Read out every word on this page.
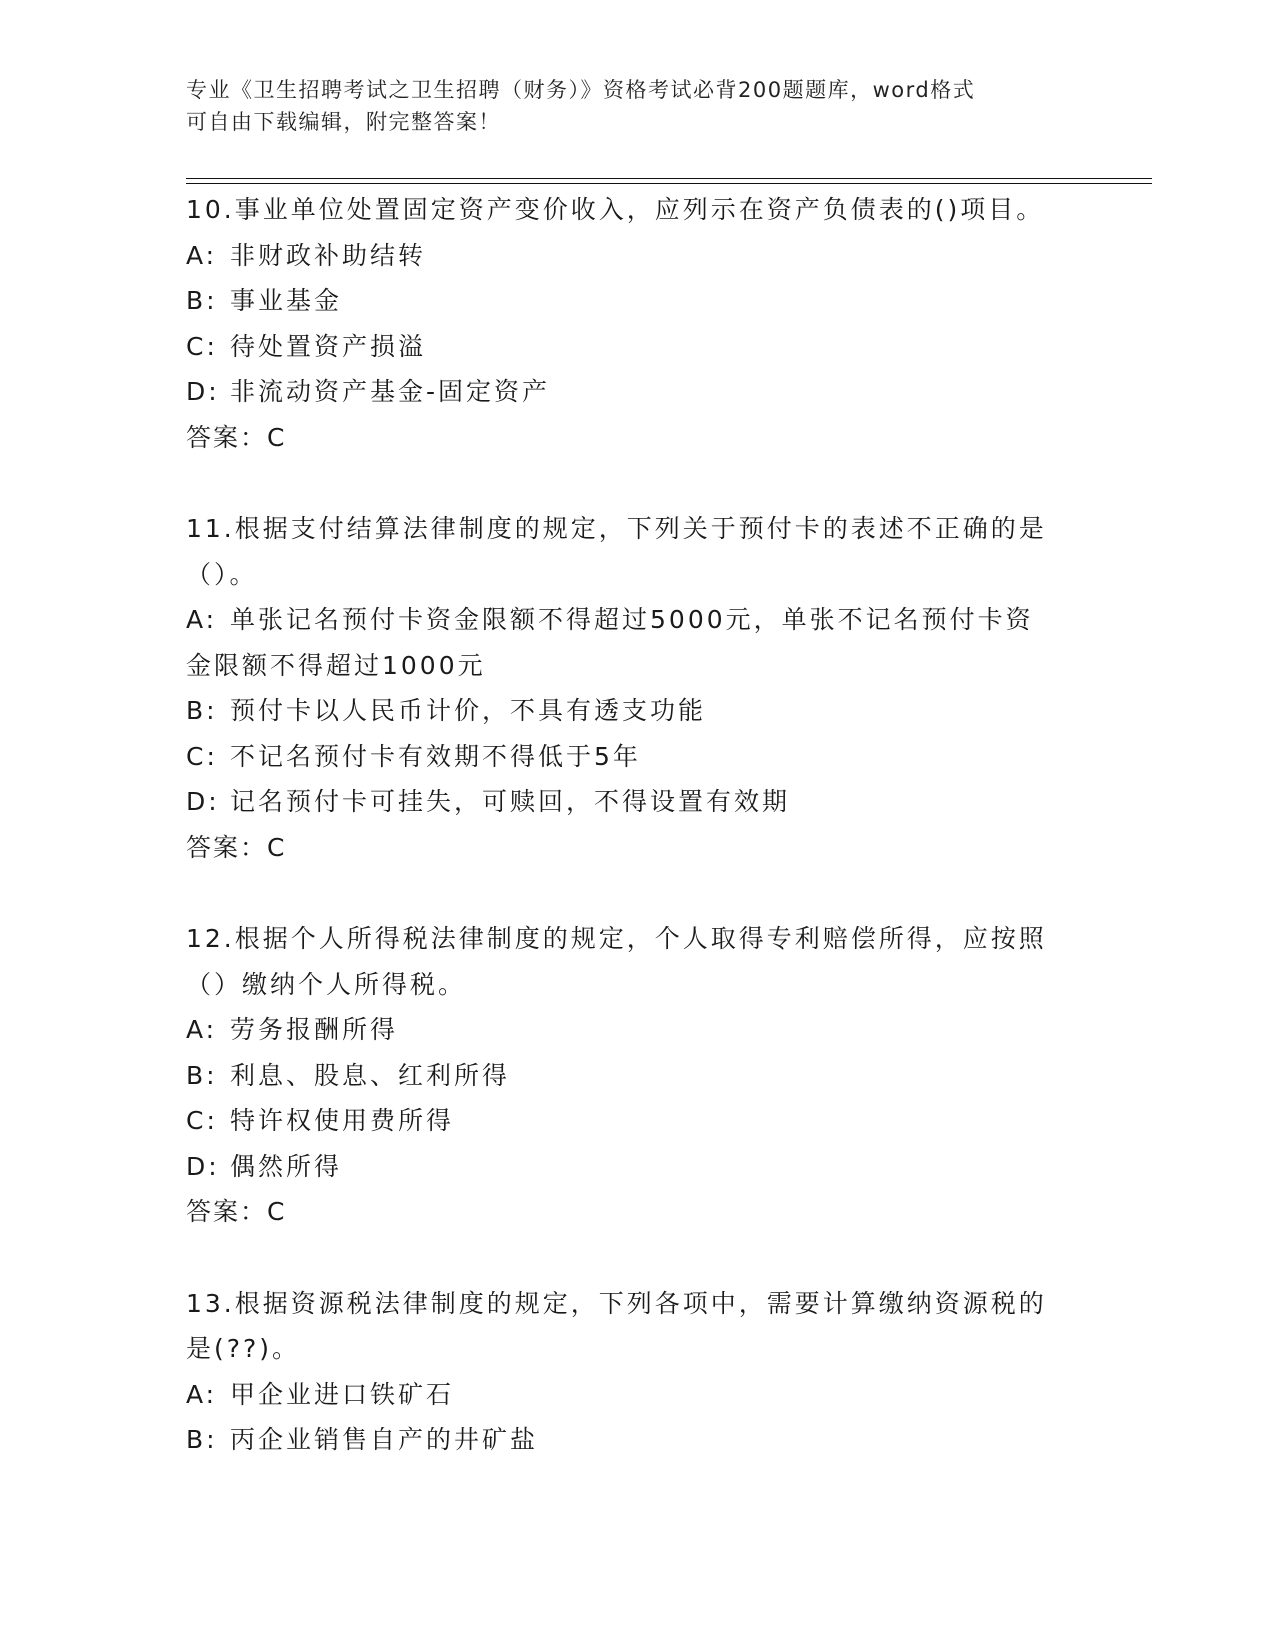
专业《卫生招聘考试之卫生招聘（财务）》资格考试必背200题题库，word格式
可自由下载编辑，附完整答案！

10.事业单位处置固定资产变价收入，应列示在资产负债表的()项目。

A: 非财政补助结转

B: 事业基金

C: 待处置资产损溢

D: 非流动资产基金-固定资产

答案：C

11.根据支付结算法律制度的规定，下列关于预付卡的表述不正确的是

（）。

A: 单张记名预付卡资金限额不得超过5000元，单张不记名预付卡资

金限额不得超过1000元

B: 预付卡以人民币计价，不具有透支功能

C: 不记名预付卡有效期不得低于5年

D: 记名预付卡可挂失，可赎回，不得设置有效期

答案：C

12.根据个人所得税法律制度的规定，个人取得专利赔偿所得，应按照

（）缴纳个人所得税。

A: 劳务报酬所得

B: 利息、股息、红利所得

C: 特许权使用费所得

D: 偶然所得

答案：C

13.根据资源税法律制度的规定，下列各项中，需要计算缴纳资源税的

是(??)。

A: 甲企业进口铁矿石

B: 丙企业销售自产的井矿盐
